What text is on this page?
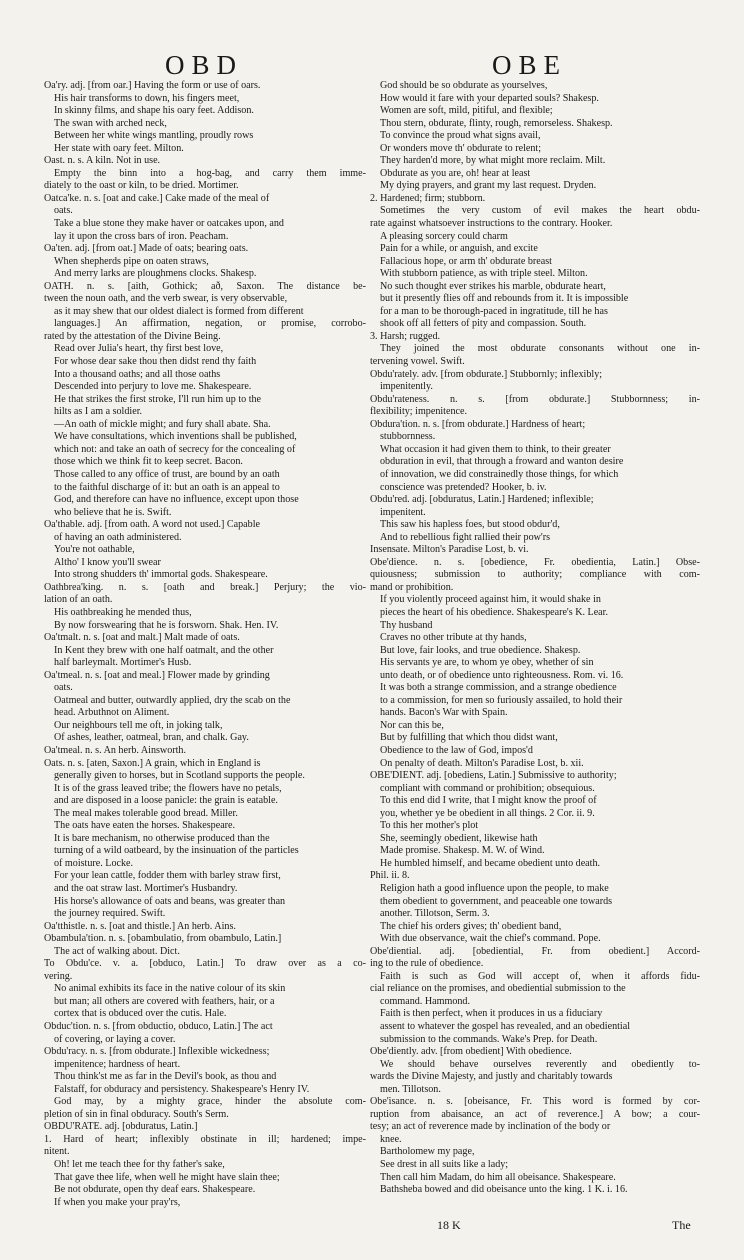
OBD	OBE
Oa'ry. adj. [from oar.] Having the form or use of oars.
His hair transforms to down, his fingers meet,
In skinny films, and shape his oary feet. Addison.
The swan with arched neck,
Between her white wings mantling, proudly rows
Her state with oary feet. Milton.
Oast. n. s. A kiln. Not in use.
Empty the binn into a hog-bag, and carry them imme-
diately to the oast or kiln, to be dried. Mortimer.
Oatca'ke. n. s. [oat and cake.] Cake made of the meal of
oats.
Take a blue stone they make haver or oatcakes upon, and
lay it upon the cross bars of iron. Peacham.
Oa'ten. adj. [from oat.] Made of oats; bearing oats.
When shepherds pipe on oaten straws,
And merry larks are ploughmens clocks. Shakesp.
OATH. n. s. [aith, Gothick; að, Saxon. The distance be-
tween the noun oath, and the verb swear, is very observable,
as it may shew that our oldest dialect is formed from different
languages.] An affirmation, negation, or promise, corrobo-
rated by the attestation of the Divine Being.
Read over Julia's heart, thy first best love,
For whose dear sake thou then didst rend thy faith
Into a thousand oaths; and all those oaths
Descended into perjury to love me. Shakespeare.
He that strikes the first stroke, I'll run him up to the
hilts as I am a soldier.
—An oath of mickle might; and fury shall abate. Sha.
We have consultations, which inventions shall be published,
which not: and take an oath of secrecy for the concealing of
those which we think fit to keep secret. Bacon.
Those called to any office of trust, are bound by an oath
to the faithful discharge of it: but an oath is an appeal to
God, and therefore can have no influence, except upon those
who believe that he is. Swift.
Oa'thable. adj. [from oath. A word not used.] Capable
of having an oath administered.
You're not oathable,
Altho' I know you'll swear
Into strong shudders th' immortal gods. Shakespeare.
Oathbrea'king. n. s. [oath and break.] Perjury; the vio-
lation of an oath.
His oathbreaking he mended thus,
By now forswearing that he is forsworn. Shak. Hen. IV.
Oa'tmalt. n. s. [oat and malt.] Malt made of oats.
In Kent they brew with one half oatmalt, and the other
half barleymalt. Mortimer's Husb.
Oa'tmeal. n. s. [oat and meal.] Flower made by grinding
oats.
Oatmeal and butter, outwardly applied, dry the scab on the
head. Arbuthnot on Aliment.
Our neighbours tell me oft, in joking talk,
Of ashes, leather, oatmeal, bran, and chalk. Gay.
Oa'tmeal. n. s. An herb. Ainsworth.
Oats. n. s. [aten, Saxon.] A grain, which in England is
generally given to horses, but in Scotland supports the people.
It is of the grass leaved tribe; the flowers have no petals,
and are disposed in a loose panicle: the grain is eatable.
The meal makes tolerable good bread. Miller.
The oats have eaten the horses. Shakespeare.
It is bare mechanism, no otherwise produced than the
turning of a wild oatbeard, by the insinuation of the particles
of moisture. Locke.
For your lean cattle, fodder them with barley straw first,
and the oat straw last. Mortimer's Husbandry.
His horse's allowance of oats and beans, was greater than
the journey required. Swift.
Oa'tthistle. n. s. [oat and thistle.] An herb. Ains.
Obambula'tion. n. s. [obambulatio, from obambulo, Latin.]
The act of walking about. Dict.
To Obdu'ce. v. a. [obduco, Latin.] To draw over as a co-
vering.
No animal exhibits its face in the native colour of its skin
but man; all others are covered with feathers, hair, or a
cortex that is obduced over the cutis. Hale.
Obduc'tion. n. s. [from obductio, obduco, Latin.] The act
of covering, or laying a cover.
Obdu'racy. n. s. [from obdurate.] Inflexible wickedness;
impenitence; hardness of heart.
Thou think'st me as far in the Devil's book, as thou and
Falstaff, for obduracy and persistency. Shakespeare's Henry IV.
God may, by a mighty grace, hinder the absolute com-
pletion of sin in final obduracy. South's Serm.
OBDU'RATE. adj. [obduratus, Latin.]
1. Hard of heart; inflexibly obstinate in ill; hardened; impe-
nitent.
Oh! let me teach thee for thy father's sake,
That gave thee life, when well he might have slain thee;
Be not obdurate, open thy deaf ears. Shakespeare.
If when you make your pray'rs,
God should be so obdurate as yourselves,
How would it fare with your departed souls? Shakesp.
Women are soft, mild, pitiful, and flexible;
Thou stern, obdurate, flinty, rough, remorseless. Shakesp.
To convince the proud what signs avail,
Or wonders move th' obdurate to relent;
They harden'd more, by what might more reclaim. Milt.
Obdurate as you are, oh! hear at least
My dying prayers, and grant my last request. Dryden.
2. Hardened; firm; stubborn.
Sometimes the very custom of evil makes the heart obdu-
rate against whatsoever instructions to the contrary. Hooker.
A pleasing sorcery could charm
Pain for a while, or anguish, and excite
Fallacious hope, or arm th' obdurate breast
With stubborn patience, as with triple steel. Milton.
No such thought ever strikes his marble, obdurate heart,
but it presently flies off and rebounds from it. It is impossible
for a man to be thorough-paced in ingratitude, till he has
shook off all fetters of pity and compassion. South.
3. Harsh; rugged.
They joined the most obdurate consonants without one in-
tervening vowel. Swift.
Obdu'rately. adv. [from obdurate.] Stubbornly; inflexibly;
impenitently.
Obdu'rateness. n. s. [from obdurate.] Stubbornness; in-
flexibility; impenitence.
Obdura'tion. n. s. [from obdurate.] Hardness of heart;
stubbornness.
What occasion it had given them to think, to their greater
obduration in evil, that through a froward and wanton desire
of innovation, we did constrainedly those things, for which
conscience was pretended? Hooker, b. iv.
Obdu'red. adj. [obduratus, Latin.] Hardened; inflexible;
impenitent.
This saw his hapless foes, but stood obdur'd,
And to rebellious fight rallied their pow'rs
Insensate. Milton's Paradise Lost, b. vi.
Obe'dience. n. s. [obedience, Fr. obedientia, Latin.] Obse-
quiousness; submission to authority; compliance with com-
mand or prohibition.
If you violently proceed against him, it would shake in
pieces the heart of his obedience. Shakespeare's K. Lear.
Thy husband
Craves no other tribute at thy hands,
But love, fair looks, and true obedience. Shakesp.
His servants ye are, to whom ye obey, whether of sin
unto death, or of obedience unto righteousness. Rom. vi. 16.
It was both a strange commission, and a strange obedience
to a commission, for men so furiously assailed, to hold their
hands. Bacon's War with Spain.
Nor can this be,
But by fulfilling that which thou didst want,
Obedience to the law of God, impos'd
On penalty of death. Milton's Paradise Lost, b. xii.
OBE'DIENT. adj. [obediens, Latin.] Submissive to authority;
compliant with command or prohibition; obsequious.
To this end did I write, that I might know the proof of
you, whether ye be obedient in all things. 2 Cor. ii. 9.
To this her mother's plot
She, seemingly obedient, likewise hath
Made promise. Shakesp. M. W. of Wind.
He humbled himself, and became obedient unto death.
Phil. ii. 8.
Religion hath a good influence upon the people, to make
them obedient to government, and peaceable one towards
another. Tillotson, Serm. 3.
The chief his orders gives; th' obedient band,
With due observance, wait the chief's command. Pope.
Obe'diential. adj. [obediential, Fr. from obedient.] Accord-
ing to the rule of obedience.
Faith is such as God will accept of, when it affords fidu-
cial reliance on the promises, and obediential submission to the
command. Hammond.
Faith is then perfect, when it produces in us a fiduciary
assent to whatever the gospel has revealed, and an obediential
submission to the commands. Wake's Prep. for Death.
Obe'diently. adv. [from obedient] With obedience.
We should behave ourselves reverently and obediently to-
wards the Divine Majesty, and justly and charitably towards
men. Tillotson.
Obe'isance. n. s. [obeisance, Fr. This word is formed by cor-
ruption from abaisance, an act of reverence.] A bow; a cour-
tesy; an act of reverence made by inclination of the body or
knee.
Bartholomew my page,
See drest in all suits like a lady;
Then call him Madam, do him all obeisance. Shakespeare.
Bathsheba bowed and did obeisance unto the king. 1 K. i. 16.
18 K	The
